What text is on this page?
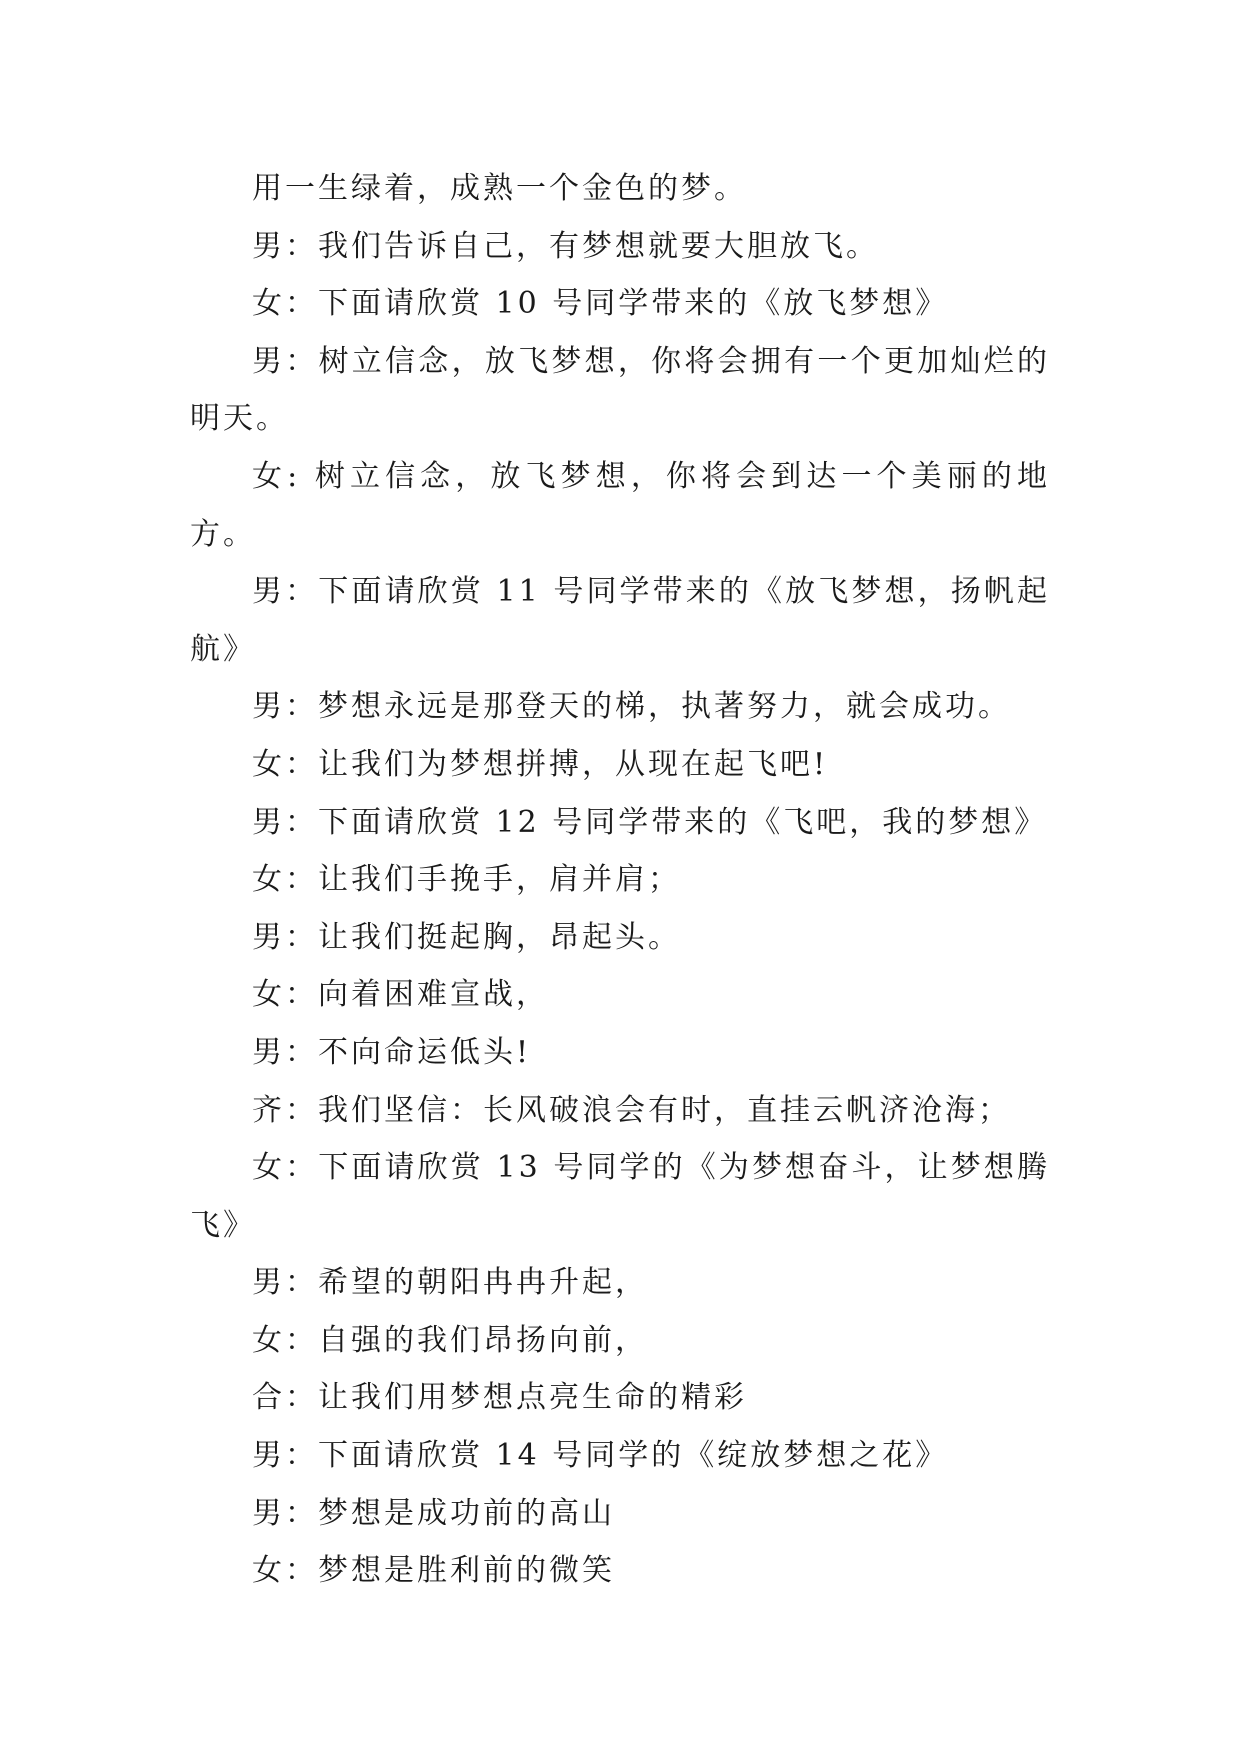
用一生绿着，成熟一个金色的梦。

男：我们告诉自己，有梦想就要大胆放飞。

女：下面请欣赏 10 号同学带来的《放飞梦想》

男：树立信念，放飞梦想，你将会拥有一个更加灿烂的明天。

女: 树立信念，放飞梦想，你将会到达一个美丽的地方。

男：下面请欣赏 11 号同学带来的《放飞梦想，扬帆起航》

男：梦想永远是那登天的梯，执著努力，就会成功。

女：让我们为梦想拼搏，从现在起飞吧!

男：下面请欣赏 12 号同学带来的《飞吧，我的梦想》

女：让我们手挽手，肩并肩；

男：让我们挺起胸，昂起头。

女：向着困难宣战，

男：不向命运低头!

齐：我们坚信：长风破浪会有时，直挂云帆济沧海；

女：下面请欣赏 13 号同学的《为梦想奋斗，让梦想腾飞》

男：希望的朝阳冉冉升起，

女：自强的我们昂扬向前，

合：让我们用梦想点亮生命的精彩

男：下面请欣赏 14 号同学的《绽放梦想之花》

男：梦想是成功前的高山

女：梦想是胜利前的微笑
